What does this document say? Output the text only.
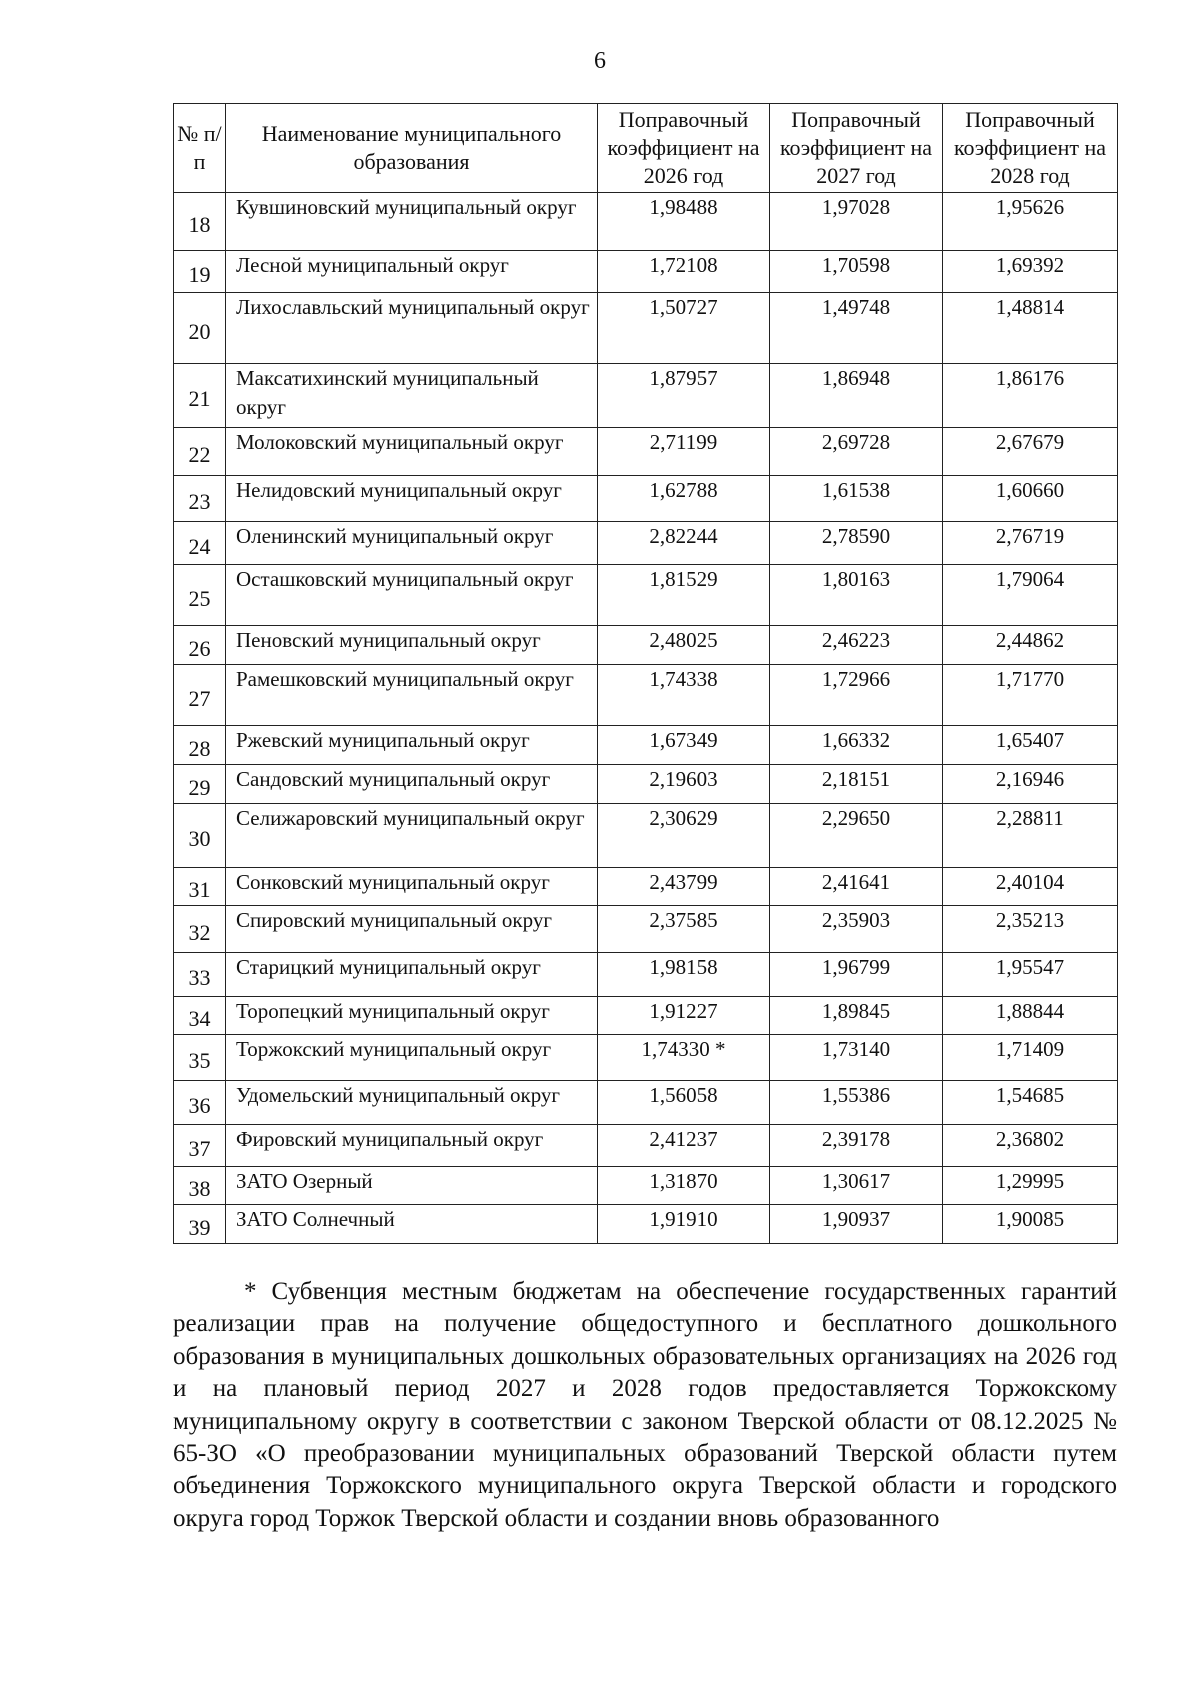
6
№ п/п	Наименование муниципального образования	Поправочный коэффициент на 2026 год	Поправочный коэффициент на 2027 год	Поправочный коэффициент на 2028 год
18	Кувшиновский муниципальный округ	1,98488	1,97028	1,95626
19	Лесной муниципальный округ	1,72108	1,70598	1,69392
20	Лихославльский муниципальный округ	1,50727	1,49748	1,48814
21	Максатихинский муниципальный округ	1,87957	1,86948	1,86176
22	Молоковский муниципальный округ	2,71199	2,69728	2,67679
23	Нелидовский муниципальный округ	1,62788	1,61538	1,60660
24	Оленинский муниципальный округ	2,82244	2,78590	2,76719
25	Осташковский муниципальный округ	1,81529	1,80163	1,79064
26	Пеновский муниципальный округ	2,48025	2,46223	2,44862
27	Рамешковский муниципальный округ	1,74338	1,72966	1,71770
28	Ржевский муниципальный округ	1,67349	1,66332	1,65407
29	Сандовский муниципальный округ	2,19603	2,18151	2,16946
30	Селижаровский муниципальный округ	2,30629	2,29650	2,28811
31	Сонковский муниципальный округ	2,43799	2,41641	2,40104
32	Спировский муниципальный округ	2,37585	2,35903	2,35213
33	Старицкий муниципальный округ	1,98158	1,96799	1,95547
34	Торопецкий муниципальный округ	1,91227	1,89845	1,88844
35	Торжокский муниципальный округ	1,74330 *	1,73140	1,71409
36	Удомельский муниципальный округ	1,56058	1,55386	1,54685
37	Фировский муниципальный округ	2,41237	2,39178	2,36802
38	ЗАТО Озерный	1,31870	1,30617	1,29995
39	ЗАТО Солнечный	1,91910	1,90937	1,90085

* Субвенция местным бюджетам на обеспечение государственных гарантий реализации прав на получение общедоступного и бесплатного дошкольного образования в муниципальных дошкольных образовательных организациях на 2026 год и на плановый период 2027 и 2028 годов предоставляется Торжокскому муниципальному округу в соответствии с законом Тверской области от 08.12.2025 № 65-ЗО «О преобразовании муниципальных образований Тверской области путем объединения Торжокского муниципального округа Тверской области и городского округа город Торжок Тверской области и создании вновь образованного
